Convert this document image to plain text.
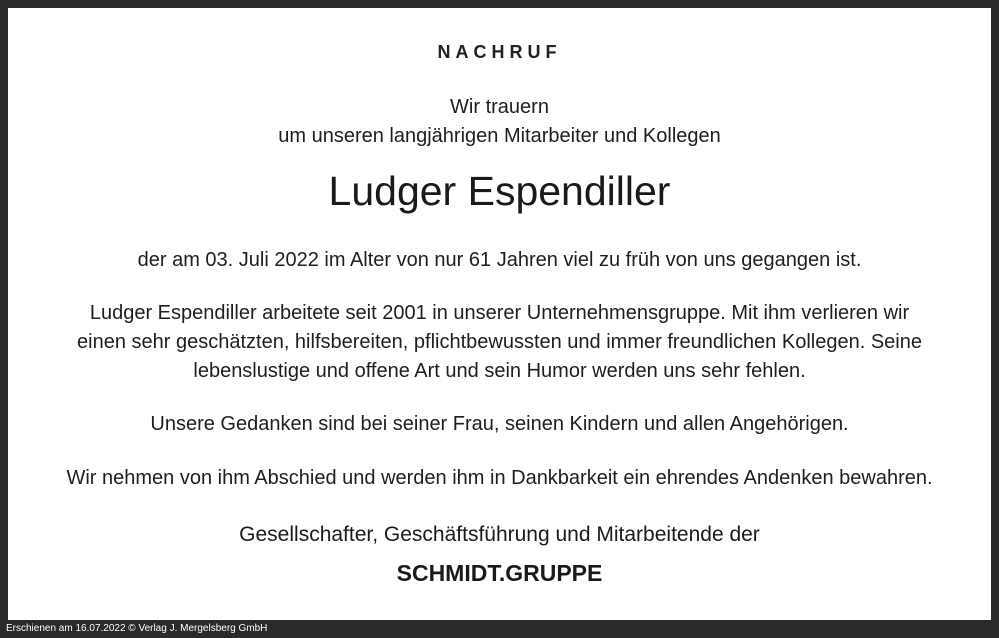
NACHRUF
Wir trauern
um unseren langjährigen Mitarbeiter und Kollegen
Ludger Espendiller
der am 03. Juli 2022 im Alter von nur 61 Jahren viel zu früh von uns gegangen ist.
Ludger Espendiller arbeitete seit 2001 in unserer Unternehmensgruppe. Mit ihm verlieren wir
einen sehr geschätzten, hilfsbereiten, pflichtbewussten und immer freundlichen Kollegen. Seine
lebenslustige und offene Art und sein Humor werden uns sehr fehlen.
Unsere Gedanken sind bei seiner Frau, seinen Kindern und allen Angehörigen.
Wir nehmen von ihm Abschied und werden ihm in Dankbarkeit ein ehrendes Andenken bewahren.
Gesellschafter, Geschäftsführung und Mitarbeitende der
SCHMIDT.GRUPPE
Erschienen am 16.07.2022 © Verlag J. Mergelsberg GmbH
